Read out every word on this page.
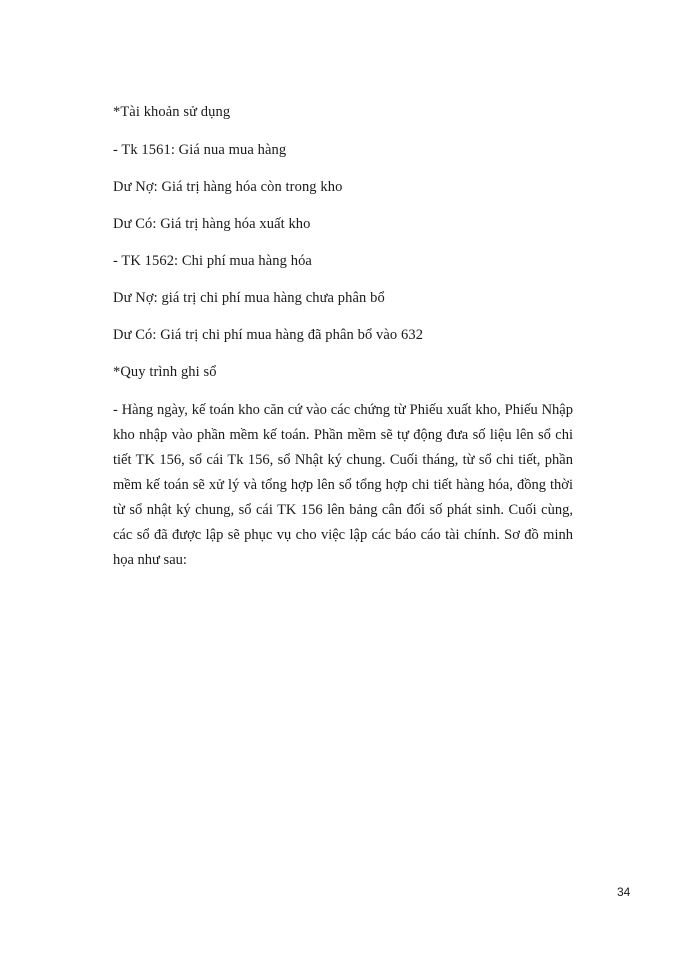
*Tài khoản sử dụng
- Tk 1561: Giá nua mua hàng
Dư Nợ: Giá trị hàng hóa còn trong kho
Dư Có: Giá trị hàng hóa xuất kho
- TK 1562: Chi phí mua hàng hóa
Dư Nợ: giá trị chi phí mua hàng chưa phân bổ
Dư Có: Giá trị chi phí mua hàng đã phân bổ vào 632
*Quy trình ghi sổ
- Hàng ngày, kế toán kho căn cứ vào các chứng từ Phiếu xuất kho, Phiếu Nhập kho nhập vào phần mềm kế toán. Phần mềm sẽ tự động đưa số liệu lên sổ chi tiết TK 156, sổ cái Tk 156, sổ Nhật ký chung. Cuối tháng, từ sổ chi tiết, phần mềm kế toán sẽ xử lý và tổng hợp lên sổ tổng hợp chi tiết hàng hóa, đồng thời từ sổ nhật ký chung, sổ cái TK 156 lên bảng cân đối số phát sinh. Cuối cùng, các sổ đã được lập sẽ phục vụ cho việc lập các báo cáo tài chính. Sơ đồ minh họa như sau:
34
